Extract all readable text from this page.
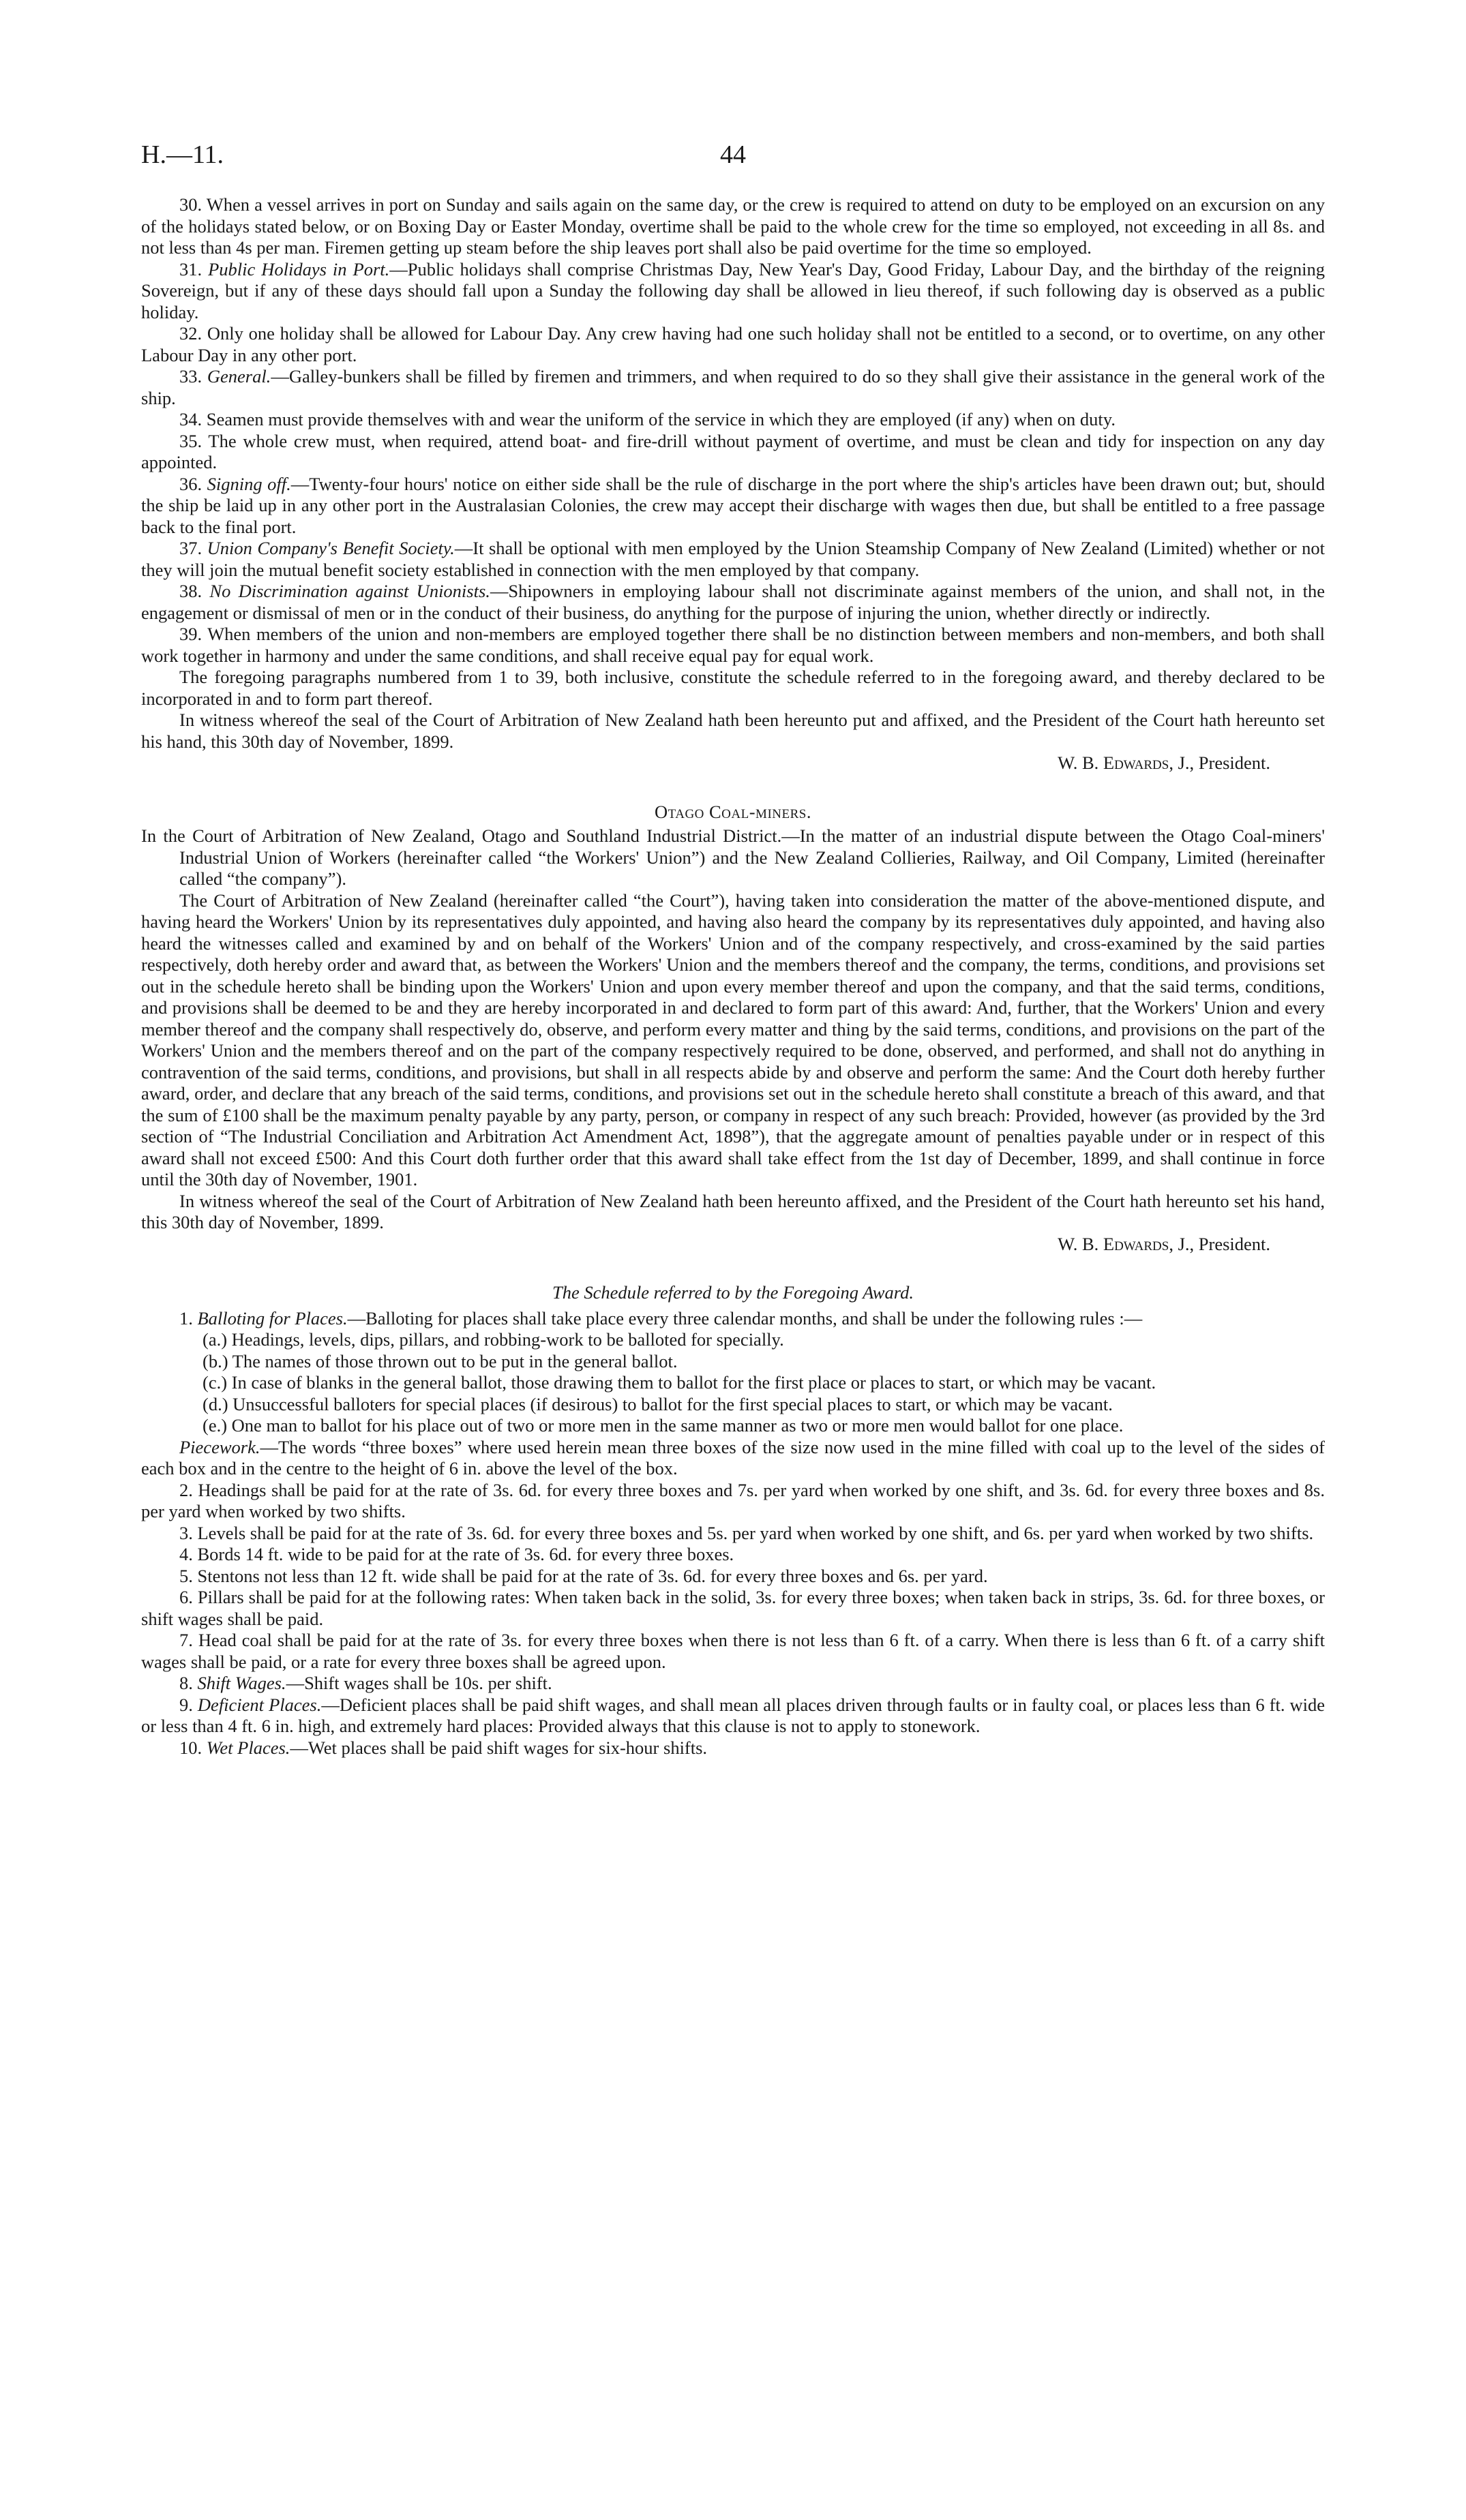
H.—11.	44

30. When a vessel arrives in port on Sunday and sails again on the same day, or the crew is required to attend on duty to be employed on an excursion on any of the holidays stated below, or on Boxing Day or Easter Monday, overtime shall be paid to the whole crew for the time so employed, not exceeding in all 8s. and not less than 4s per man. Firemen getting up steam before the ship leaves port shall also be paid overtime for the time so employed.

31. Public Holidays in Port.—Public holidays shall comprise Christmas Day, New Year's Day, Good Friday, Labour Day, and the birthday of the reigning Sovereign, but if any of these days should fall upon a Sunday the following day shall be allowed in lieu thereof, if such following day is observed as a public holiday.

32. Only one holiday shall be allowed for Labour Day. Any crew having had one such holiday shall not be entitled to a second, or to overtime, on any other Labour Day in any other port.

33. General.—Galley-bunkers shall be filled by firemen and trimmers, and when required to do so they shall give their assistance in the general work of the ship.

34. Seamen must provide themselves with and wear the uniform of the service in which they are employed (if any) when on duty.

35. The whole crew must, when required, attend boat- and fire-drill without payment of overtime, and must be clean and tidy for inspection on any day appointed.

36. Signing off.—Twenty-four hours' notice on either side shall be the rule of discharge in the port where the ship's articles have been drawn out; but, should the ship be laid up in any other port in the Australasian Colonies, the crew may accept their discharge with wages then due, but shall be entitled to a free passage back to the final port.

37. Union Company's Benefit Society.—It shall be optional with men employed by the Union Steamship Company of New Zealand (Limited) whether or not they will join the mutual benefit society established in connection with the men employed by that company.

38. No Discrimination against Unionists.—Shipowners in employing labour shall not discriminate against members of the union, and shall not, in the engagement or dismissal of men or in the conduct of their business, do anything for the purpose of injuring the union, whether directly or indirectly.

39. When members of the union and non-members are employed together there shall be no distinction between members and non-members, and both shall work together in harmony and under the same conditions, and shall receive equal pay for equal work.

The foregoing paragraphs numbered from 1 to 39, both inclusive, constitute the schedule referred to in the foregoing award, and thereby declared to be incorporated in and to form part thereof.

In witness whereof the seal of the Court of Arbitration of New Zealand hath been hereunto put and affixed, and the President of the Court hath hereunto set his hand, this 30th day of November, 1899.

W. B. Edwards, J., President.

Otago Coal-miners.

In the Court of Arbitration of New Zealand, Otago and Southland Industrial District.—In the matter of an industrial dispute between the Otago Coal-miners' Industrial Union of Workers (hereinafter called “the Workers' Union”) and the New Zealand Collieries, Railway, and Oil Company, Limited (hereinafter called “the company”).

The Court of Arbitration of New Zealand (hereinafter called “the Court”), having taken into consideration the matter of the above-mentioned dispute, and having heard the Workers' Union by its representatives duly appointed, and having also heard the company by its representatives duly appointed, and having also heard the witnesses called and examined by and on behalf of the Workers' Union and of the company respectively, and cross-examined by the said parties respectively, doth hereby order and award that, as between the Workers' Union and the members thereof and the company, the terms, conditions, and provisions set out in the schedule hereto shall be binding upon the Workers' Union and upon every member thereof and upon the company, and that the said terms, conditions, and provisions shall be deemed to be and they are hereby incorporated in and declared to form part of this award: And, further, that the Workers' Union and every member thereof and the company shall respectively do, observe, and perform every matter and thing by the said terms, conditions, and provisions on the part of the Workers' Union and the members thereof and on the part of the company respectively required to be done, observed, and performed, and shall not do anything in contravention of the said terms, conditions, and provisions, but shall in all respects abide by and observe and perform the same: And the Court doth hereby further award, order, and declare that any breach of the said terms, conditions, and provisions set out in the schedule hereto shall constitute a breach of this award, and that the sum of £100 shall be the maximum penalty payable by any party, person, or company in respect of any such breach: Provided, however (as provided by the 3rd section of “The Industrial Conciliation and Arbitration Act Amendment Act, 1898”), that the aggregate amount of penalties payable under or in respect of this award shall not exceed £500: And this Court doth further order that this award shall take effect from the 1st day of December, 1899, and shall continue in force until the 30th day of November, 1901.

In witness whereof the seal of the Court of Arbitration of New Zealand hath been hereunto affixed, and the President of the Court hath hereunto set his hand, this 30th day of November, 1899.

W. B. Edwards, J., President.

The Schedule referred to by the Foregoing Award.

1. Balloting for Places.—Balloting for places shall take place every three calendar months, and shall be under the following rules :—

(a.) Headings, levels, dips, pillars, and robbing-work to be balloted for specially.

(b.) The names of those thrown out to be put in the general ballot.

(c.) In case of blanks in the general ballot, those drawing them to ballot for the first place or places to start, or which may be vacant.

(d.) Unsuccessful balloters for special places (if desirous) to ballot for the first special places to start, or which may be vacant.

(e.) One man to ballot for his place out of two or more men in the same manner as two or more men would ballot for one place.

Piecework.—The words “three boxes” where used herein mean three boxes of the size now used in the mine filled with coal up to the level of the sides of each box and in the centre to the height of 6 in. above the level of the box.

2. Headings shall be paid for at the rate of 3s. 6d. for every three boxes and 7s. per yard when worked by one shift, and 3s. 6d. for every three boxes and 8s. per yard when worked by two shifts.

3. Levels shall be paid for at the rate of 3s. 6d. for every three boxes and 5s. per yard when worked by one shift, and 6s. per yard when worked by two shifts.

4. Bords 14 ft. wide to be paid for at the rate of 3s. 6d. for every three boxes.

5. Stentons not less than 12 ft. wide shall be paid for at the rate of 3s. 6d. for every three boxes and 6s. per yard.

6. Pillars shall be paid for at the following rates: When taken back in the solid, 3s. for every three boxes; when taken back in strips, 3s. 6d. for three boxes, or shift wages shall be paid.

7. Head coal shall be paid for at the rate of 3s. for every three boxes when there is not less than 6 ft. of a carry. When there is less than 6 ft. of a carry shift wages shall be paid, or a rate for every three boxes shall be agreed upon.

8. Shift Wages.—Shift wages shall be 10s. per shift.

9. Deficient Places.—Deficient places shall be paid shift wages, and shall mean all places driven through faults or in faulty coal, or places less than 6 ft. wide or less than 4 ft. 6 in. high, and extremely hard places: Provided always that this clause is not to apply to stonework.

10. Wet Places.—Wet places shall be paid shift wages for six-hour shifts.
